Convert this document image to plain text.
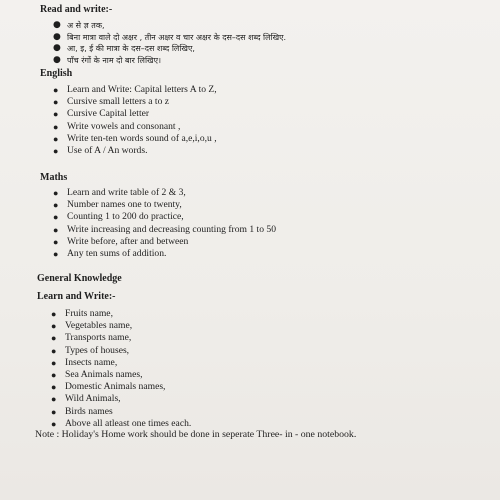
Read and write:-
● अ से ज्ञ तक,
● बिना मात्रा वाले दो अक्षर , तीन अक्षर व चार अक्षर के दस–दस शब्द लिखिए.
● आ, इ, ई की मात्रा के दस–दस शब्द लिखिए,
● पाँच रंगों के नाम दो बार लिखिए।
English
● Learn and Write: Capital letters A to Z,
● Cursive small letters a to z
● Cursive Capital letter
● Write vowels and consonant ,
● Write ten-ten words sound of a,e,i,o,u ,
● Use of A / An words.
Maths
● Learn and write table of 2 & 3,
● Number names one to twenty,
● Counting 1 to 200 do practice,
● Write increasing and decreasing counting from 1 to 50
● Write before, after and between
● Any ten sums of addition.
General Knowledge
Learn and Write:-
● Fruits name,
● Vegetables name,
● Transports name,
● Types of houses,
● Insects name,
● Sea Animals names,
● Domestic Animals names,
● Wild Animals,
● Birds names
● Above all atleast one times each.
Note : Holiday's Home work should be done in seperate Three- in - one notebook.
